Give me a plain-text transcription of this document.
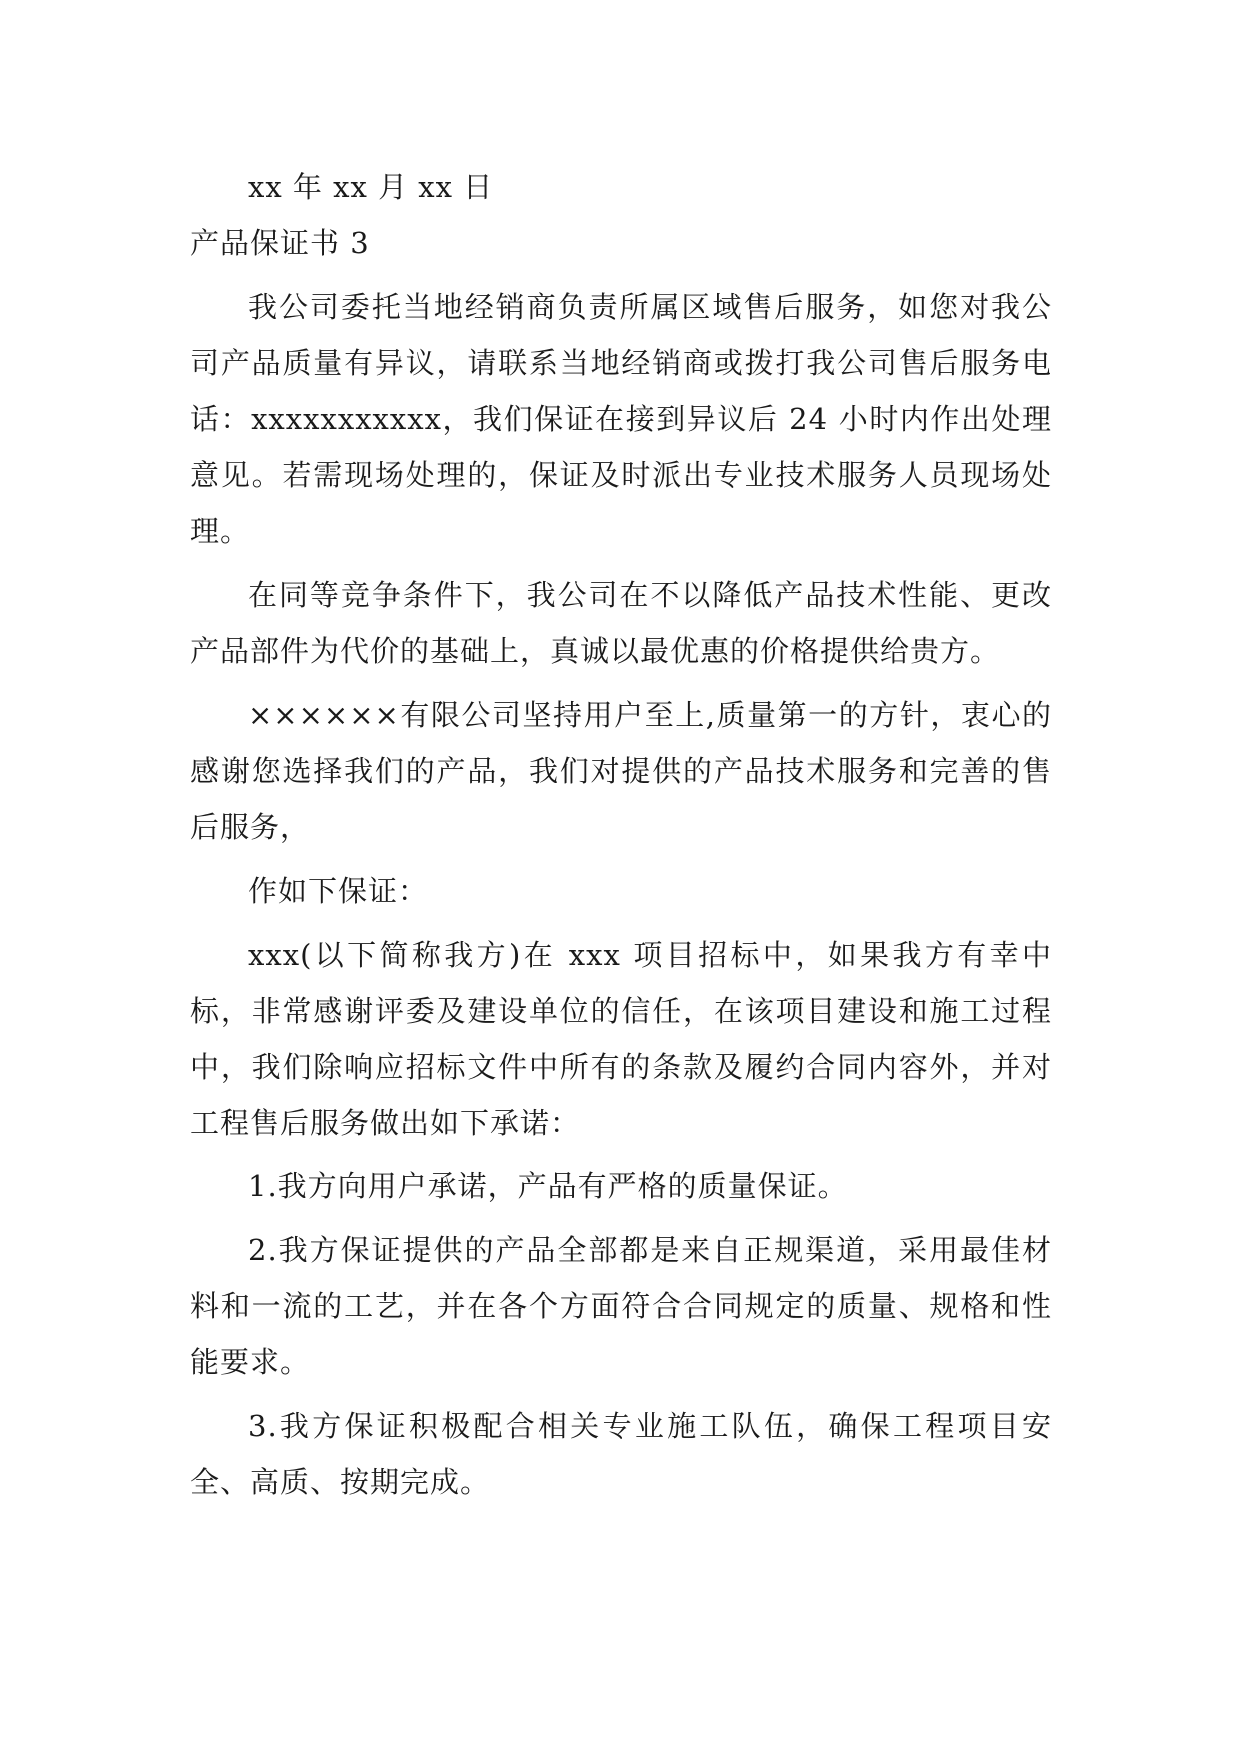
xx 年 xx 月 xx 日

产品保证书 3

我公司委托当地经销商负责所属区域售后服务，如您对我公司产品质量有异议，请联系当地经销商或拨打我公司售后服务电话：xxxxxxxxxxx，我们保证在接到异议后 24 小时内作出处理意见。若需现场处理的，保证及时派出专业技术服务人员现场处理。

在同等竞争条件下，我公司在不以降低产品技术性能、更改产品部件为代价的基础上，真诚以最优惠的价格提供给贵方。

××××××有限公司坚持用户至上,质量第一的方针，衷心的感谢您选择我们的产品，我们对提供的产品技术服务和完善的售后服务，

作如下保证：

xxx(以下简称我方)在 xxx 项目招标中，如果我方有幸中标，非常感谢评委及建设单位的信任，在该项目建设和施工过程中，我们除响应招标文件中所有的条款及履约合同内容外，并对工程售后服务做出如下承诺：

1.我方向用户承诺，产品有严格的质量保证。

2.我方保证提供的产品全部都是来自正规渠道，采用最佳材料和一流的工艺，并在各个方面符合合同规定的质量、规格和性能要求。

3.我方保证积极配合相关专业施工队伍，确保工程项目安全、高质、按期完成。
